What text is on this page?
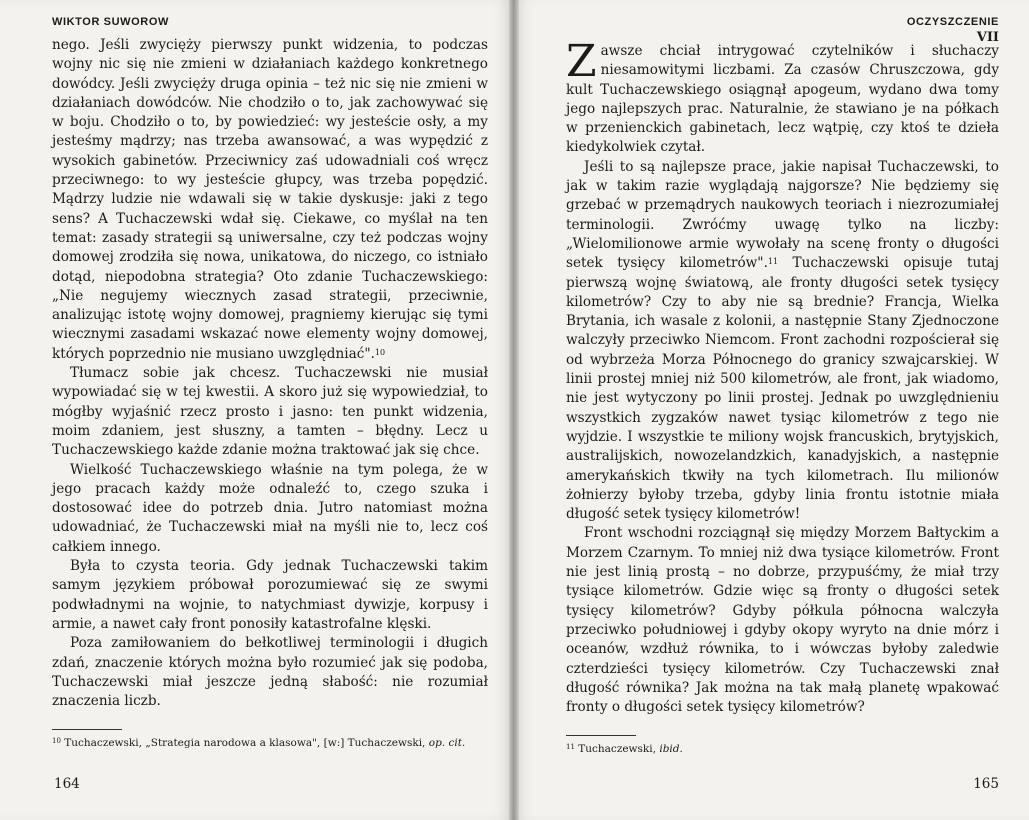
WIKTOR SUWOROW

nego. Jeśli zwycięży pierwszy punkt widzenia, to podczas wojny nic się nie zmieni w działaniach każdego konkretnego dowódcy. Jeśli zwycięży druga opinia – też nic się nie zmieni w działaniach dowódców. Nie chodziło o to, jak zachowywać się w boju. Chodziło o to, by powiedzieć: wy jesteście osły, a my jesteśmy mądrzy; nas trzeba awansować, a was wypędzić z wysokich gabinetów. Przeciwnicy zaś udowadniali coś wręcz przeciwnego: to wy jesteście głupcy, was trzeba popędzić. Mądrzy ludzie nie wdawali się w takie dyskusje: jaki z tego sens? A Tuchaczewski wdał się. Ciekawe, co myślał na ten temat: zasady strategii są uniwersalne, czy też podczas wojny domowej zrodziła się nowa, unikatowa, do niczego, co istniało dotąd, niepodobna strategia? Oto zdanie Tuchaczewskiego: „Nie negujemy wiecznych zasad strategii, przeciwnie, analizując istotę wojny domowej, pragniemy kierując się tymi wiecznymi zasadami wskazać nowe elementy wojny domowej, których poprzednio nie musiano uwzględniać".$^{10}$

Tłumacz sobie jak chcesz. Tuchaczewski nie musiał wypowiadać się w tej kwestii. A skoro już się wypowiedział, to mógłby wyjaśnić rzecz prosto i jasno: ten punkt widzenia, moim zdaniem, jest słuszny, a tamten – błędny. Lecz u Tuchaczewskiego każde zdanie można traktować jak się chce.

Wielkość Tuchaczewskiego właśnie na tym polega, że w jego pracach każdy może odnaleźć to, czego szuka i dostosować idee do potrzeb dnia. Jutro natomiast można udowadniać, że Tuchaczewski miał na myśli nie to, lecz coś całkiem innego.

Była to czysta teoria. Gdy jednak Tuchaczewski takim samym językiem próbował porozumiewać się ze swymi podwładnymi na wojnie, to natychmiast dywizje, korpusy i armie, a nawet cały front ponosiły katastrofalne klęski.

Poza zamiłowaniem do bełkotliwej terminologii i długich zdań, znaczenie których można było rozumieć jak się podoba, Tuchaczewski miał jeszcze jedną słabość: nie rozumiał znaczenia liczb.

$^{10}$ Tuchaczewski, „Strategia narodowa a klasowa", [w:] Tuchaczewski, op. cit.
164
OCZYSZCZENIE
VII

Zawsze chciał intrygować czytelników i słuchaczy niesamowitymi liczbami. Za czasów Chruszczowa, gdy kult Tuchaczewskiego osiągnął apogeum, wydano dwa tomy jego najlepszych prac. Naturalnie, że stawiano je na półkach w przenienckich gabinetach, lecz wątpię, czy ktoś te dzieła kiedykolwiek czytał.

Jeśli to są najlepsze prace, jakie napisał Tuchaczewski, to jak w takim razie wyglądają najgorsze? Nie będziemy się grzebać w przemądrych naukowych teoriach i niezrozumiałej terminologii. Zwróćmy uwagę tylko na liczby: „Wielomilionowe armie wywołały na scenę fronty o długości setek tysięcy kilometrów".$^{11}$ Tuchaczewski opisuje tutaj pierwszą wojnę światową, ale fronty długości setek tysięcy kilometrów? Czy to aby nie są brednie? Francja, Wielka Brytania, ich wasale z kolonii, a następnie Stany Zjednoczone walczyły przeciwko Niemcom. Front zachodni rozpościerał się od wybrzeża Morza Północnego do granicy szwajcarskiej. W linii prostej mniej niż 500 kilometrów, ale front, jak wiadomo, nie jest wytyczony po linii prostej. Jednak po uwzględnieniu wszystkich zygzaków nawet tysiąc kilometrów z tego nie wyjdzie. I wszystkie te miliony wojsk francuskich, brytyjskich, australijskich, nowozelandzkich, kanadyjskich, a następnie amerykańskich tkwiły na tych kilometrach. Ilu milionów żołnierzy byłoby trzeba, gdyby linia frontu istotnie miała długość setek tysięcy kilometrów!

Front wschodni rozciągnął się między Morzem Bałtyckim a Morzem Czarnym. To mniej niż dwa tysiące kilometrów. Front nie jest linią prostą – no dobrze, przypuśćmy, że miał trzy tysiące kilometrów. Gdzie więc są fronty o długości setek tysięcy kilometrów? Gdyby półkula północna walczyła przeciwko południowej i gdyby okopy wyryto na dnie mórz i oceanów, wzdłuż równika, to i wówczas byłoby zaledwie czterdzieści tysięcy kilometrów. Czy Tuchaczewski znał długość równika? Jak można na tak małą planetę wpakować fronty o długości setek tysięcy kilometrów?

$^{11}$ Tuchaczewski, ibid.
165
